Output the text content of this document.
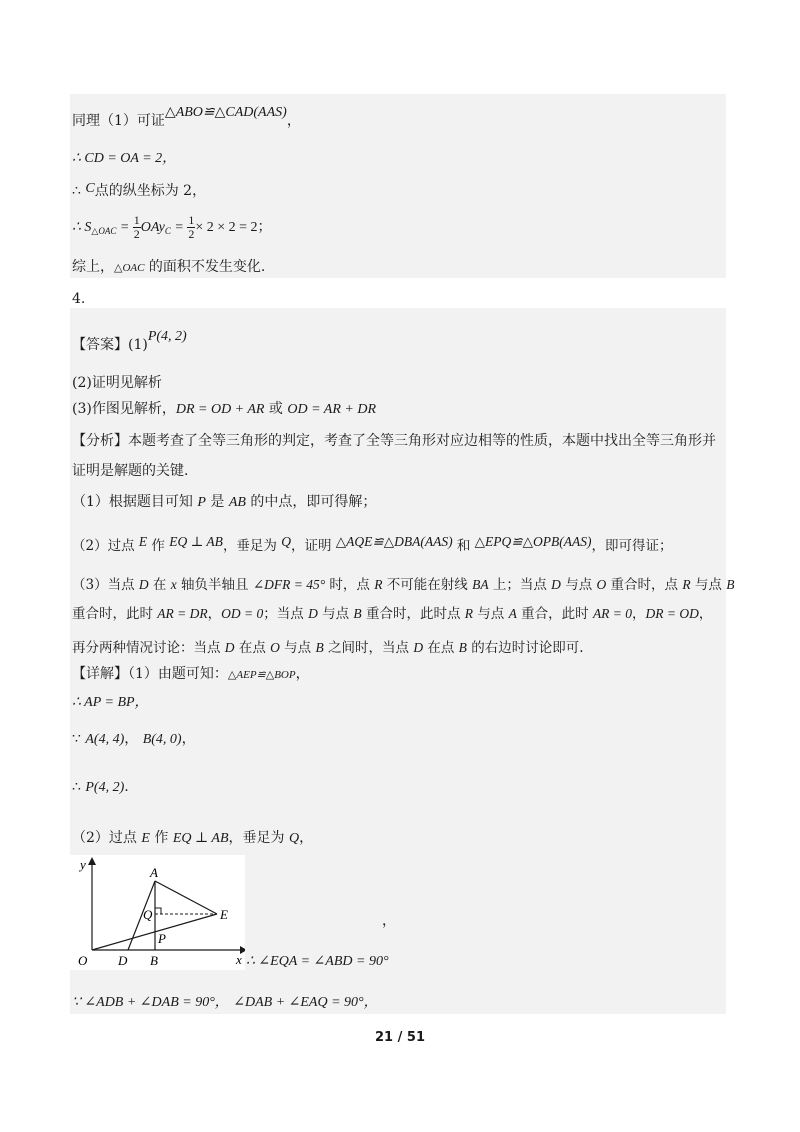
同理（1）可证△ABO≌△CAD(AAS)，
∴ CD = OA = 2，
∴ C点的纵坐标为 2，
∴ $S_{\triangle OAC} = \frac{1}{2} OAy_C = \frac{1}{2} \times 2 \times 2 = 2$；
综上，△OAC 的面积不发生变化.
4.
【答案】(1)P(4, 2)
(2)证明见解析
(3)作图见解析，DR = OD + AR 或 OD = AR + DR
【分析】本题考查了全等三角形的判定，考查了全等三角形对应边相等的性质，本题中找出全等三角形并
证明是解题的关键.
（1）根据题目可知 P 是 AB 的中点，即可得解；
（2）过点 E 作 EQ ⊥ AB，垂足为 Q，证明 △AQE≌△DBA(AAS) 和 △EPQ≌△OPB(AAS)，即可得证；
（3）当点 D 在 x 轴负半轴且 ∠DFR = 45° 时，点 R 不可能在射线 BA 上；当点 D 与点 O 重合时，点 R 与点 B
重合时，此时 AR = DR，OD = 0；当点 D 与点 B 重合时，此时点 R 与点 A 重合，此时 AR = 0，DR = OD，
再分两种情况讨论：当点 D 在点 O 与点 B 之间时，当点 D 在点 B 的右边时讨论即可.
【详解】（1）由题可知：△AEP≌△BOP，
∴ AP = BP，
∵ A(4, 4)， B(4, 0)，
∴ P(4, 2).
（2）过点 E 作 EQ ⊥ AB，垂足为 Q，
y
x
O D B
A
Q
P
E	，
∴ ∠EQA = ∠ABD = 90°
∵ ∠ADB + ∠DAB = 90°， ∠DAB + ∠EAQ = 90°，
21 / 51
